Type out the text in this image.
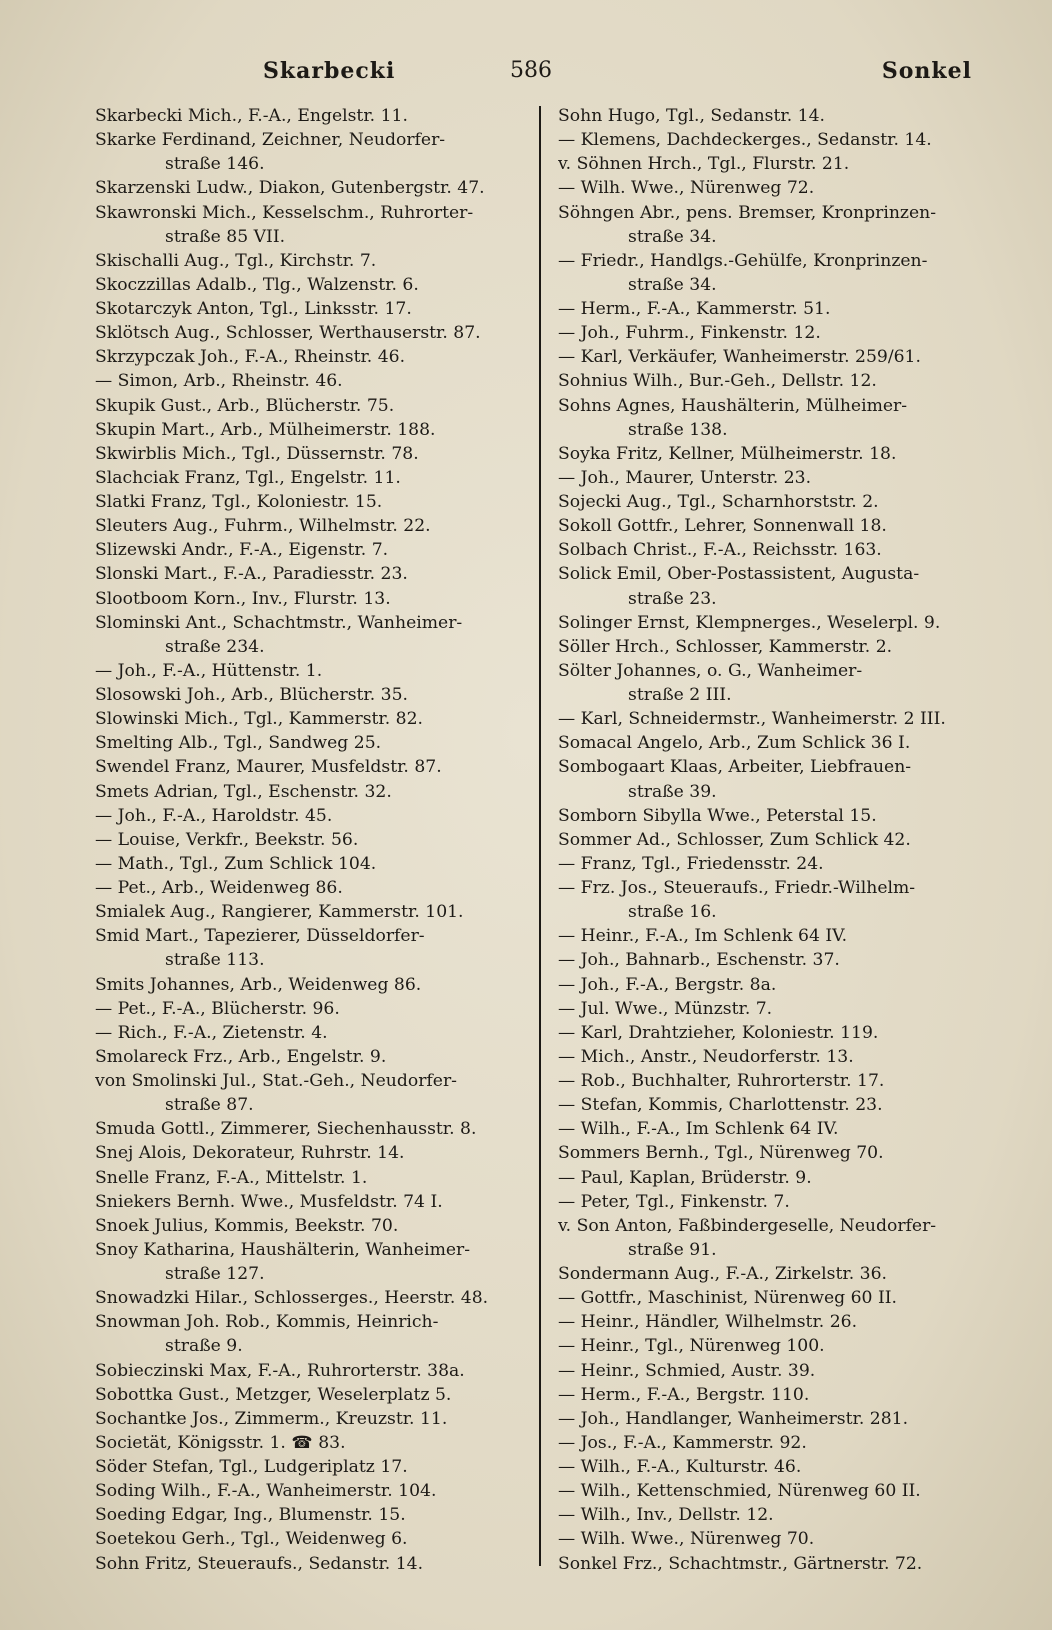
Skarbecki	586	Sonkel
Skarbecki Mich., F.-A., Engelstr. 11.
Skarke Ferdinand, Zeichner, Neudorfer-
straße 146.
Skarzenski Ludw., Diakon, Gutenbergstr. 47.
Skawronski Mich., Kesselschm., Ruhrorter-
straße 85 VII.
Skischalli Aug., Tgl., Kirchstr. 7.
Skoczzillas Adalb., Tlg., Walzenstr. 6.
Skotarczyk Anton, Tgl., Linksstr. 17.
Sklötsch Aug., Schlosser, Werthauserstr. 87.
Skrzypczak Joh., F.-A., Rheinstr. 46.
— Simon, Arb., Rheinstr. 46.
Skupik Gust., Arb., Blücherstr. 75.
Skupin Mart., Arb., Mülheimerstr. 188.
Skwirblis Mich., Tgl., Düssernstr. 78.
Slachciak Franz, Tgl., Engelstr. 11.
Slatki Franz, Tgl., Koloniestr. 15.
Sleuters Aug., Fuhrm., Wilhelmstr. 22.
Slizewski Andr., F.-A., Eigenstr. 7.
Slonski Mart., F.-A., Paradiesstr. 23.
Slootboom Korn., Inv., Flurstr. 13.
Slominski Ant., Schachtmstr., Wanheimer-
straße 234.
— Joh., F.-A., Hüttenstr. 1.
Slosowski Joh., Arb., Blücherstr. 35.
Slowinski Mich., Tgl., Kammerstr. 82.
Smelting Alb., Tgl., Sandweg 25.
Swendel Franz, Maurer, Musfeldstr. 87.
Smets Adrian, Tgl., Eschenstr. 32.
— Joh., F.-A., Haroldstr. 45.
— Louise, Verkfr., Beekstr. 56.
— Math., Tgl., Zum Schlick 104.
— Pet., Arb., Weidenweg 86.
Smialek Aug., Rangierer, Kammerstr. 101.
Smid Mart., Tapezierer, Düsseldorfer-
straße 113.
Smits Johannes, Arb., Weidenweg 86.
— Pet., F.-A., Blücherstr. 96.
— Rich., F.-A., Zietenstr. 4.
Smolareck Frz., Arb., Engelstr. 9.
von Smolinski Jul., Stat.-Geh., Neudorfer-
straße 87.
Smuda Gottl., Zimmerer, Siechenhausstr. 8.
Snej Alois, Dekorateur, Ruhrstr. 14.
Snelle Franz, F.-A., Mittelstr. 1.
Sniekers Bernh. Wwe., Musfeldstr. 74 I.
Snoek Julius, Kommis, Beekstr. 70.
Snoy Katharina, Haushälterin, Wanheimer-
straße 127.
Snowadzki Hilar., Schlosserges., Heerstr. 48.
Snowman Joh. Rob., Kommis, Heinrich-
straße 9.
Sobieczinski Max, F.-A., Ruhrorterstr. 38a.
Sobottka Gust., Metzger, Weselerplatz 5.
Sochantke Jos., Zimmerm., Kreuzstr. 11.
Societät, Königsstr. 1. ☎ 83.
Söder Stefan, Tgl., Ludgeriplatz 17.
Soding Wilh., F.-A., Wanheimerstr. 104.
Soeding Edgar, Ing., Blumenstr. 15.
Soetekou Gerh., Tgl., Weidenweg 6.
Sohn Fritz, Steueraufs., Sedanstr. 14.
Sohn Hugo, Tgl., Sedanstr. 14.
— Klemens, Dachdeckerges., Sedanstr. 14.
v. Söhnen Hrch., Tgl., Flurstr. 21.
— Wilh. Wwe., Nürenweg 72.
Söhngen Abr., pens. Bremser, Kronprinzen-
straße 34.
— Friedr., Handlgs.-Gehülfe, Kronprinzen-
straße 34.
— Herm., F.-A., Kammerstr. 51.
— Joh., Fuhrm., Finkenstr. 12.
— Karl, Verkäufer, Wanheimerstr. 259/61.
Sohnius Wilh., Bur.-Geh., Dellstr. 12.
Sohns Agnes, Haushälterin, Mülheimer-
straße 138.
Soyka Fritz, Kellner, Mülheimerstr. 18.
— Joh., Maurer, Unterstr. 23.
Sojecki Aug., Tgl., Scharnhorststr. 2.
Sokoll Gottfr., Lehrer, Sonnenwall 18.
Solbach Christ., F.-A., Reichsstr. 163.
Solick Emil, Ober-Postassistent, Augusta-
straße 23.
Solinger Ernst, Klempnerges., Weselerpl. 9.
Söller Hrch., Schlosser, Kammerstr. 2.
Sölter Johannes, o. G., Wanheimer-
straße 2 III.
— Karl, Schneidermstr., Wanheimerstr. 2 III.
Somacal Angelo, Arb., Zum Schlick 36 I.
Sombogaart Klaas, Arbeiter, Liebfrauen-
straße 39.
Somborn Sibylla Wwe., Peterstal 15.
Sommer Ad., Schlosser, Zum Schlick 42.
— Franz, Tgl., Friedensstr. 24.
— Frz. Jos., Steueraufs., Friedr.-Wilhelm-
straße 16.
— Heinr., F.-A., Im Schlenk 64 IV.
— Joh., Bahnarb., Eschenstr. 37.
— Joh., F.-A., Bergstr. 8a.
— Jul. Wwe., Münzstr. 7.
— Karl, Drahtzieher, Koloniestr. 119.
— Mich., Anstr., Neudorferstr. 13.
— Rob., Buchhalter, Ruhrorterstr. 17.
— Stefan, Kommis, Charlottenstr. 23.
— Wilh., F.-A., Im Schlenk 64 IV.
Sommers Bernh., Tgl., Nürenweg 70.
— Paul, Kaplan, Brüderstr. 9.
— Peter, Tgl., Finkenstr. 7.
v. Son Anton, Faßbindergeselle, Neudorfer-
straße 91.
Sondermann Aug., F.-A., Zirkelstr. 36.
— Gottfr., Maschinist, Nürenweg 60 II.
— Heinr., Händler, Wilhelmstr. 26.
— Heinr., Tgl., Nürenweg 100.
— Heinr., Schmied, Austr. 39.
— Herm., F.-A., Bergstr. 110.
— Joh., Handlanger, Wanheimerstr. 281.
— Jos., F.-A., Kammerstr. 92.
— Wilh., F.-A., Kulturstr. 46.
— Wilh., Kettenschmied, Nürenweg 60 II.
— Wilh., Inv., Dellstr. 12.
— Wilh. Wwe., Nürenweg 70.
Sonkel Frz., Schachtmstr., Gärtnerstr. 72.
